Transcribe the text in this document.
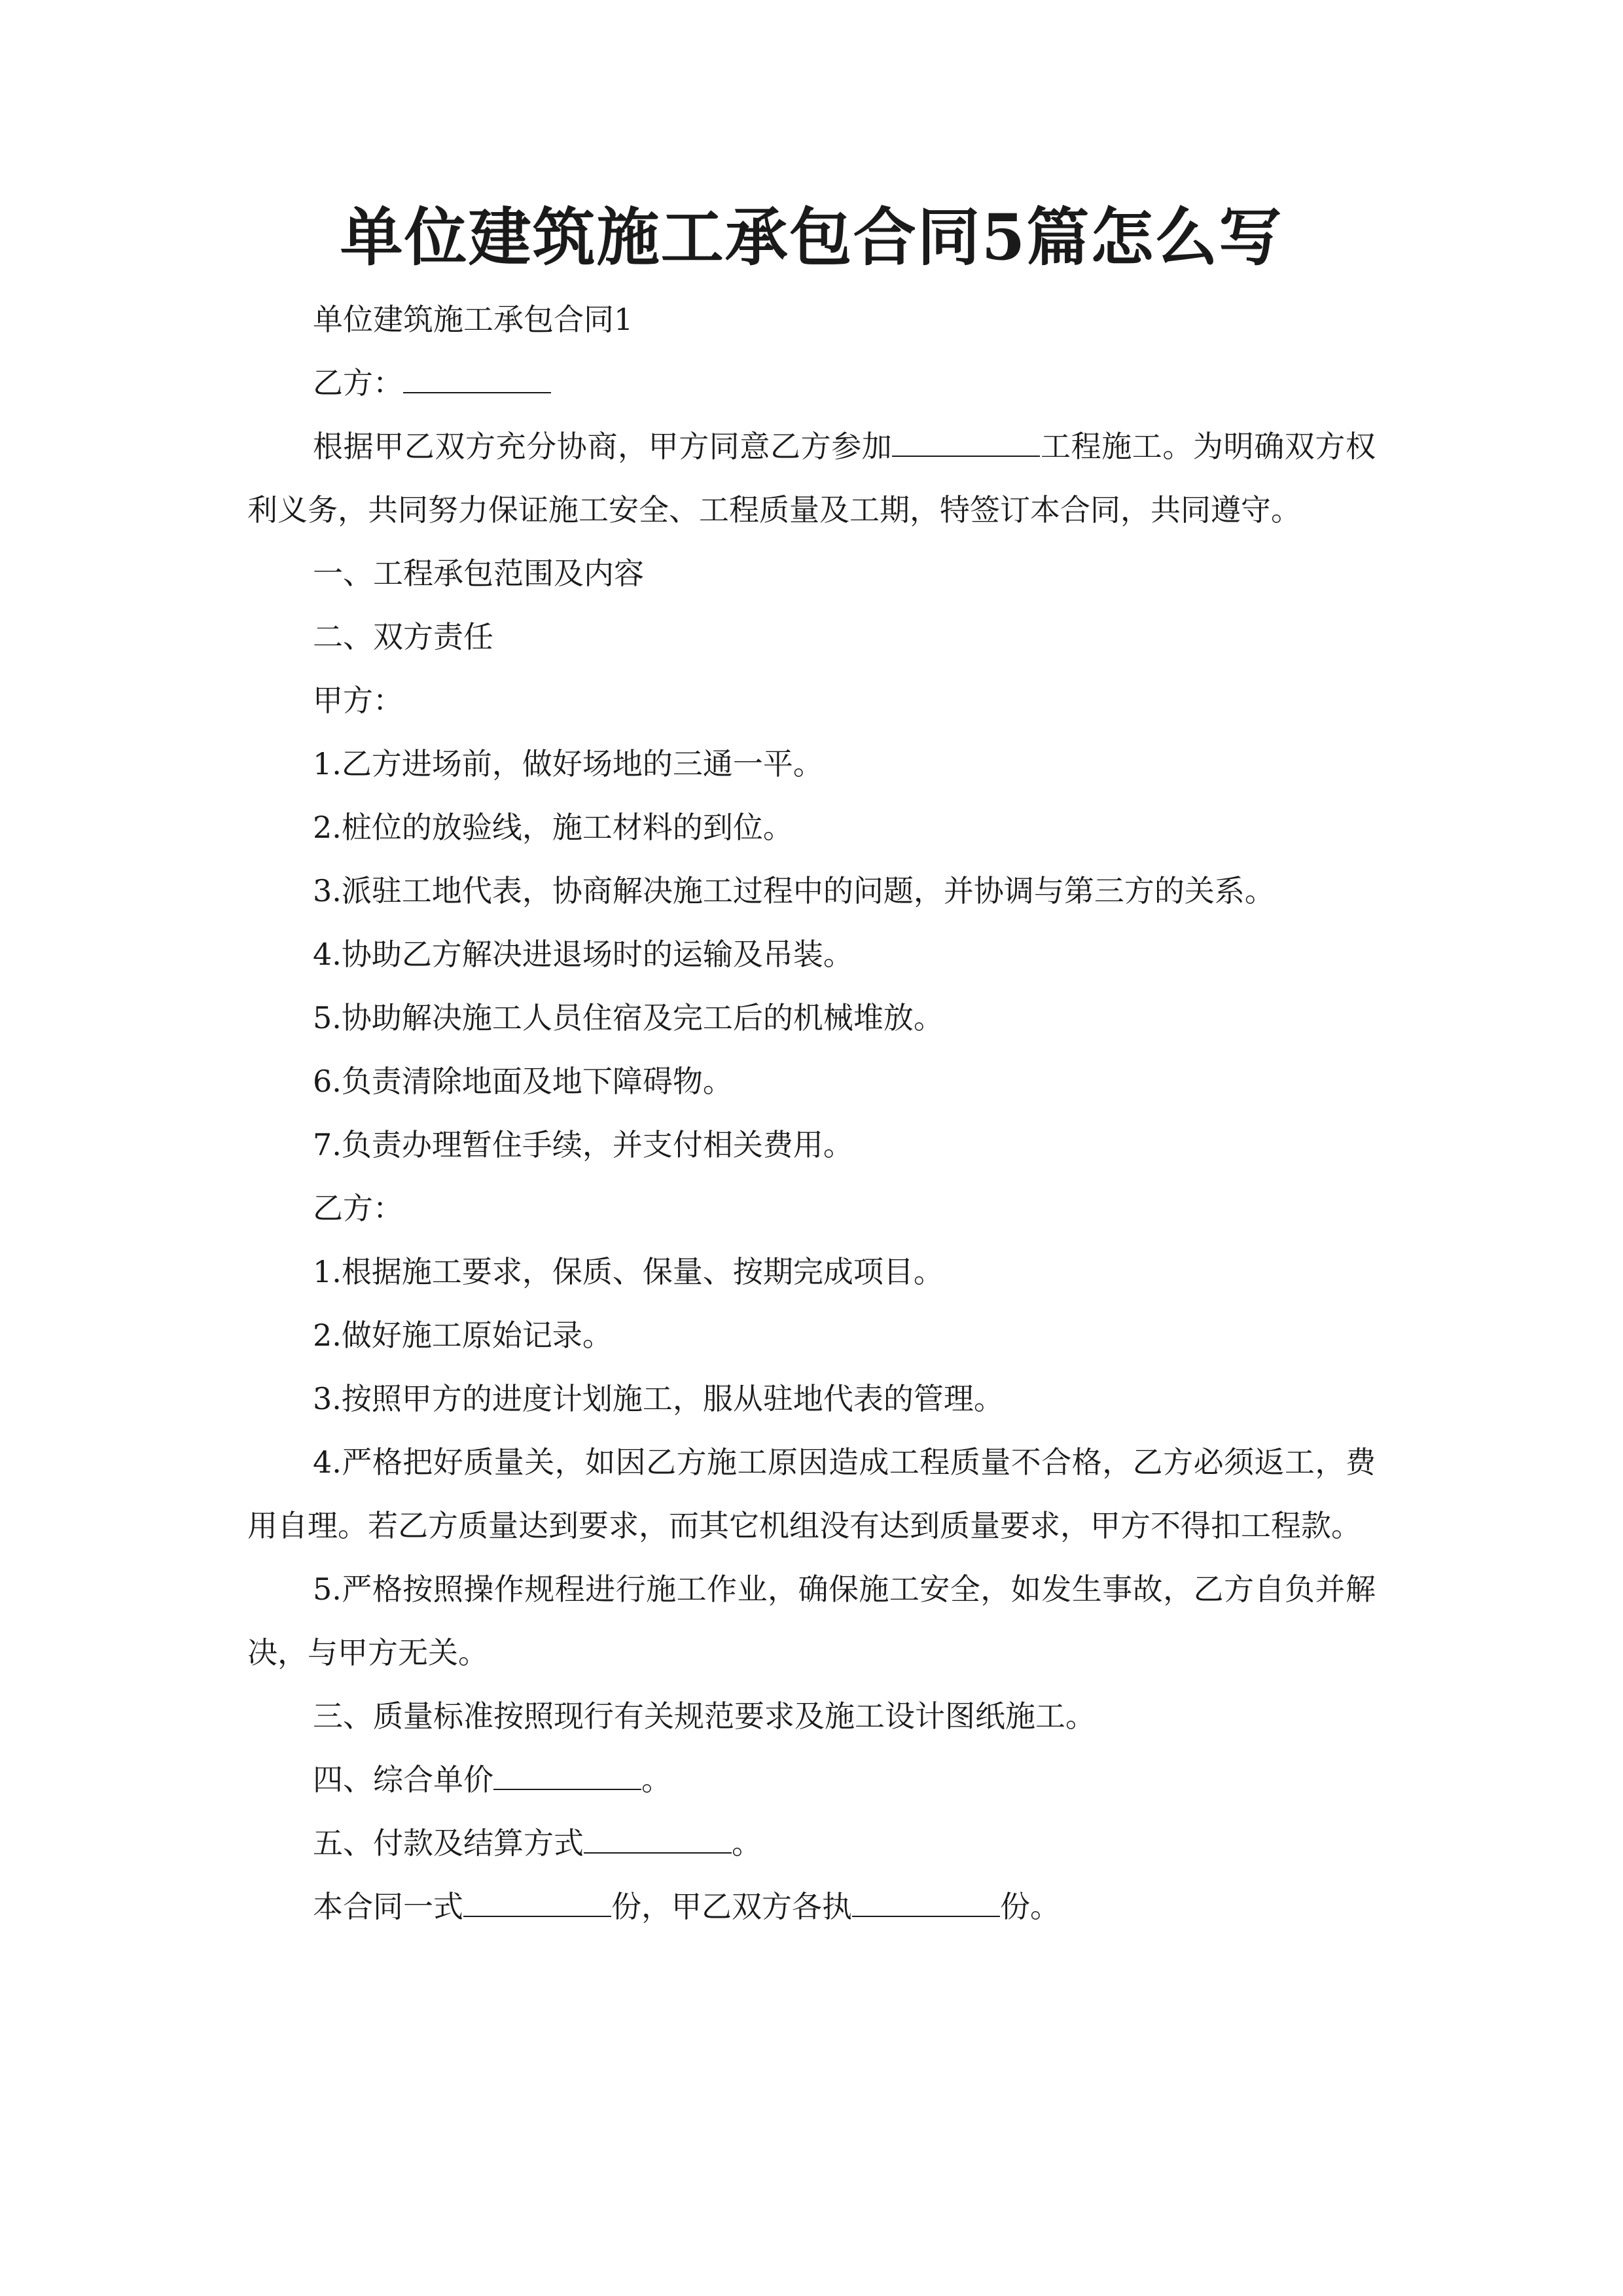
单位建筑施工承包合同5篇怎么写

单位建筑施工承包合同1

乙方：

根据甲乙双方充分协商，甲方同意乙方参加	工程施工。为明确双方权利义务，共同努力保证施工安全、工程质量及工期，特签订本合同，共同遵守。

一、工程承包范围及内容

二、双方责任

甲方：

1.乙方进场前，做好场地的三通一平。

2.桩位的放验线，施工材料的到位。

3.派驻工地代表，协商解决施工过程中的问题，并协调与第三方的关系。

4.协助乙方解决进退场时的运输及吊装。

5.协助解决施工人员住宿及完工后的机械堆放。

6.负责清除地面及地下障碍物。

7.负责办理暂住手续，并支付相关费用。

乙方：

1.根据施工要求，保质、保量、按期完成项目。

2.做好施工原始记录。

3.按照甲方的进度计划施工，服从驻地代表的管理。

4.严格把好质量关，如因乙方施工原因造成工程质量不合格，乙方必须返工，费用自理。若乙方质量达到要求，而其它机组没有达到质量要求，甲方不得扣工程款。

5.严格按照操作规程进行施工作业，确保施工安全，如发生事故，乙方自负并解决，与甲方无关。

三、质量标准按照现行有关规范要求及施工设计图纸施工。

四、综合单价	。

五、付款及结算方式	。

本合同一式	份，甲乙双方各执	份。
